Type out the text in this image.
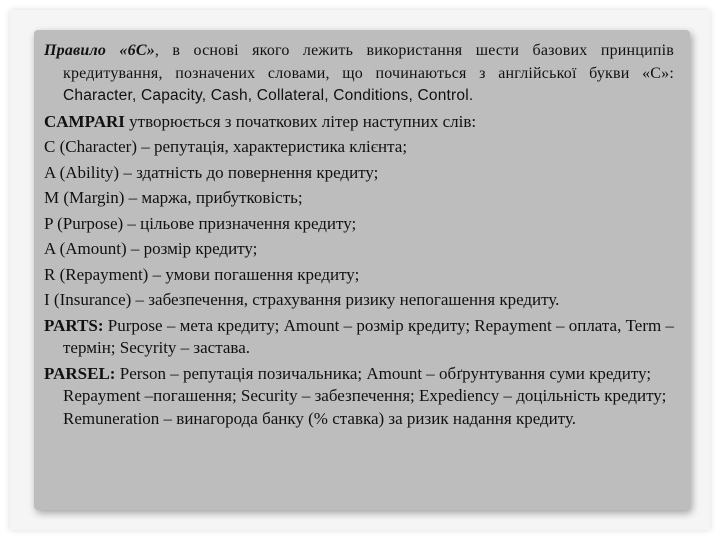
Правило «6С», в основі якого лежить використання шести базових принципів кредитування, позначених словами, що починаються з англійської букви «С»: Character, Capacity, Cash, Collateral, Conditions, Control.

CAMPARI утворюється з початкових літер наступних слів:

C (Character) – репутація, характеристика клієнта;

A (Ability) – здатність до повернення кредиту;

M (Margin) – маржа, прибутковість;

P (Purpose) – цільове призначення кредиту;

A (Amount) – розмір кредиту;

R (Repayment) – умови погашення кредиту;

I (Insurance) – забезпечення, страхування ризику непогашення кредиту.

PARTS: Purpose – мета кредиту; Amount – розмір кредиту; Repayment – оплата, Term – термін; Secyrity – застава.

PARSEL: Person – репутація позичальника; Amount – обґрунтування суми кредиту; Repayment –погашення; Security – забезпечення; Expediency – доцільність кредиту; Remuneration – винагорода банку (% ставка) за ризик надання кредиту.
